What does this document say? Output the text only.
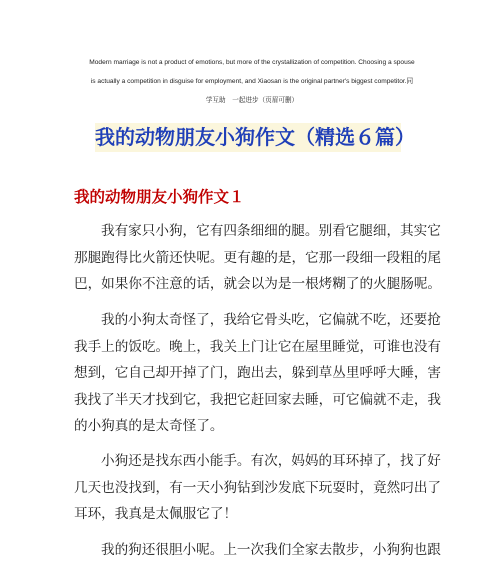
Modern marriage is not a product of emotions, but more of the crystallization of competition. Choosing a spouse
is actually a competition in disguise for employment, and Xiaosan is the original partner's biggest competitor.同
学互助　一起进步（页眉可删）
我的动物朋友小狗作文（精选６篇）
我的动物朋友小狗作文１
我有家只小狗，它有四条细细的腿。别看它腿细，其实它
那腿跑得比火箭还快呢。更有趣的是，它那一段细一段粗的尾
巴，如果你不注意的话，就会以为是一根烤糊了的火腿肠呢。
我的小狗太奇怪了，我给它骨头吃，它偏就不吃，还要抢
我手上的饭吃。晚上，我关上门让它在屋里睡觉，可谁也没有
想到，它自己却开掉了门，跑出去，躲到草丛里呼呼大睡，害
我找了半天才找到它，我把它赶回家去睡，可它偏就不走，我
的小狗真的是太奇怪了。
小狗还是找东西小能手。有次，妈妈的耳环掉了，找了好
几天也没找到，有一天小狗钻到沙发底下玩耍时，竟然叼出了
耳环，我真是太佩服它了！
我的狗还很胆小呢。上一次我们全家去散步，小狗狗也跟
